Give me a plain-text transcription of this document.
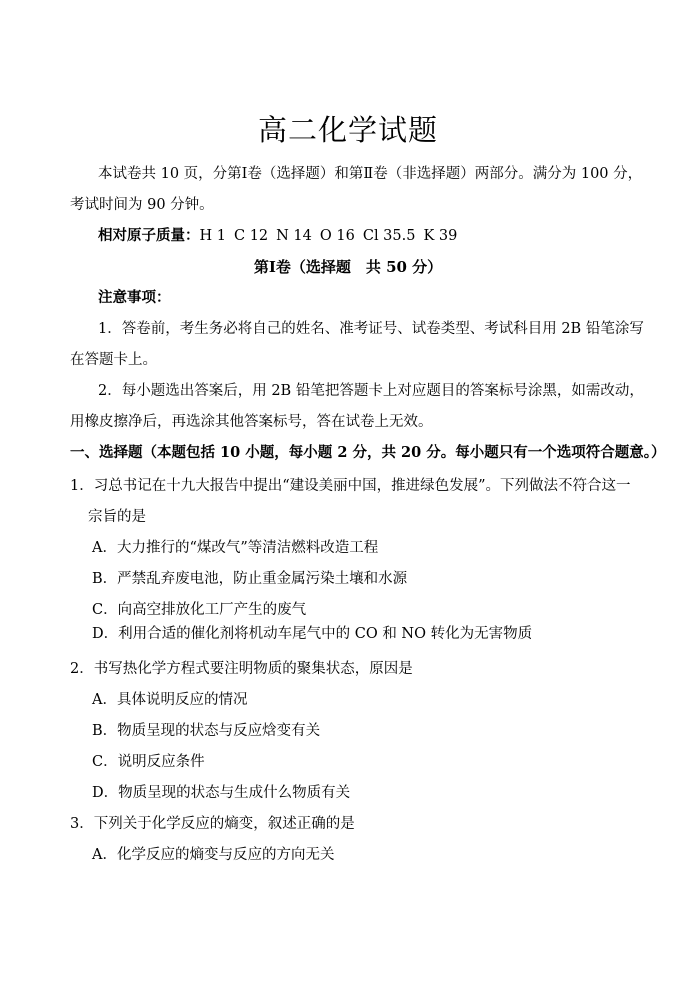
高二化学试题
本试卷共 10 页，分第Ⅰ卷（选择题）和第Ⅱ卷（非选择题）两部分。满分为 100 分，
考试时间为 90 分钟。
相对原子质量：H 1 C 12 N 14 O 16 Cl 35.5 K 39
第Ⅰ卷（选择题　共 50 分）
注意事项：
1．答卷前，考生务必将自己的姓名、准考证号、试卷类型、考试科目用 2B 铅笔涂写
在答题卡上。
2．每小题选出答案后，用 2B 铅笔把答题卡上对应题目的答案标号涂黑，如需改动，
用橡皮擦净后，再选涂其他答案标号，答在试卷上无效。
一、选择题（本题包括 10 小题，每小题 2 分，共 20 分。每小题只有一个选项符合题意。）
1．习总书记在十九大报告中提出“建设美丽中国，推进绿色发展”。下列做法不符合这一
宗旨的是
A．大力推行的“煤改气”等清洁燃料改造工程
B．严禁乱弃废电池，防止重金属污染土壤和水源
C．向高空排放化工厂产生的废气
D．利用合适的催化剂将机动车尾气中的 CO 和 NO 转化为无害物质
2．书写热化学方程式要注明物质的聚集状态，原因是
A．具体说明反应的情况
B．物质呈现的状态与反应焓变有关
C．说明反应条件
D．物质呈现的状态与生成什么物质有关
3．下列关于化学反应的熵变，叙述正确的是
A．化学反应的熵变与反应的方向无关
